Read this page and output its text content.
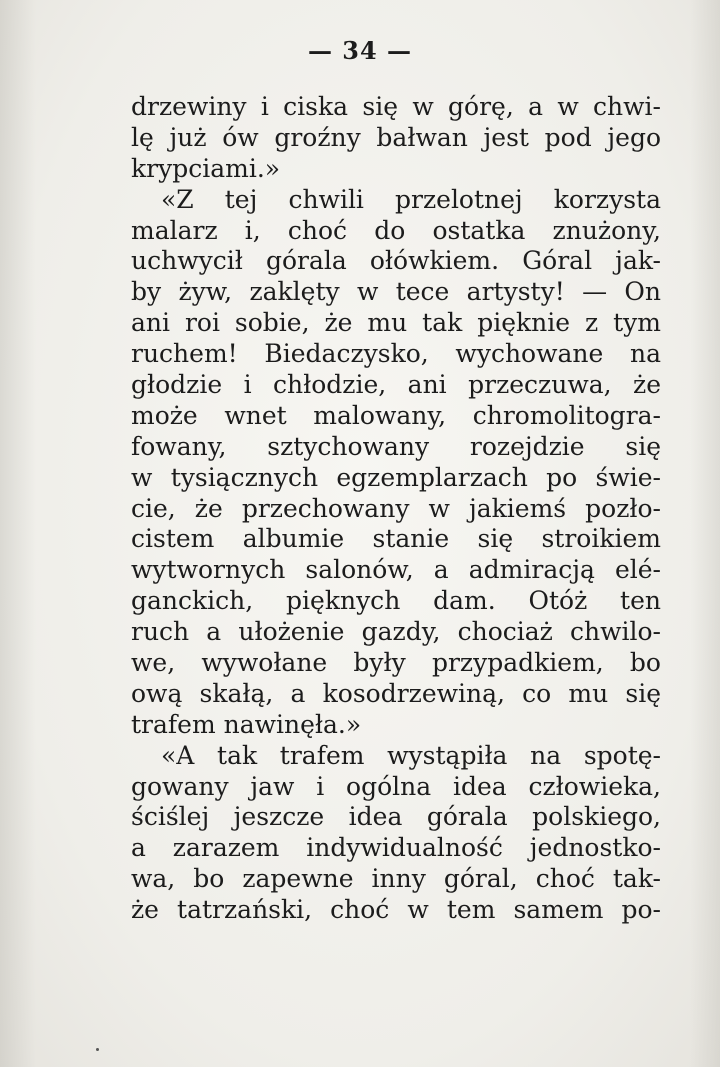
— 34 —
drzewiny i ciska się w górę, a w chwi-
lę już ów groźny bałwan jest pod jego
krypciami.»
«Z tej chwili przelotnej korzysta
malarz i, choć do ostatka znużony,
uchwycił górala ołówkiem. Góral jak-
by żyw, zaklęty w tece artysty! — On
ani roi sobie, że mu tak pięknie z tym
ruchem! Biedaczysko, wychowane na
głodzie i chłodzie, ani przeczuwa, że
może wnet malowany, chromolitogra-
fowany, sztychowany rozejdzie się
w tysiącznych egzemplarzach po świe-
cie, że przechowany w jakiemś pozło-
cistem albumie stanie się stroikiem
wytwornych salonów, a admiracją elé-
ganckich, pięknych dam. Otóż ten
ruch a ułożenie gazdy, chociaż chwilo-
we, wywołane były przypadkiem, bo
ową skałą, a kosodrzewiną, co mu się
trafem nawinęła.»
«A tak trafem wystąpiła na spotę-
gowany jaw i ogólna idea człowieka,
ściślej jeszcze idea górala polskiego,
a zarazem indywidualność jednostko-
wa, bo zapewne inny góral, choć tak-
że tatrzański, choć w tem samem po-
